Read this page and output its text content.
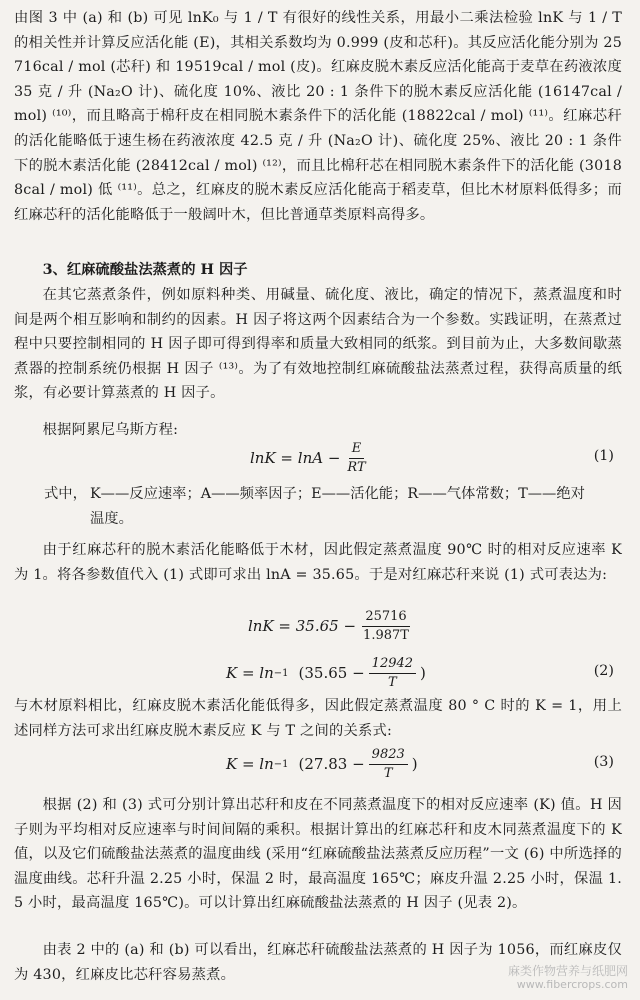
由图 3 中 (a) 和 (b) 可见 lnK₀ 与 1 / T 有很好的线性关系，用最小二乘法检验 lnK 与 1 / T 的相关性并计算反应活化能 (E)，其相关系数均为 0.999 (皮和芯秆)。其反应活化能分别为 25716cal / mol (芯秆) 和 19519cal / mol (皮)。红麻皮脱木素反应活化能高于麦草在药液浓度 35 克 / 升 (Na₂O 计)、硫化度 10%、液比 20 : 1 条件下的脱木素反应活化能 (16147cal / mol) ⁽¹⁰⁾，而且略高于棉秆皮在相同脱木素条件下的活化能 (18822cal / mol) ⁽¹¹⁾。红麻芯秆的活化能略低于速生杨在药液浓度 42.5 克 / 升 (Na₂O 计)、硫化度 25%、液比 20 : 1 条件下的脱木素活化能 (28412cal / mol) ⁽¹²⁾，而且比棉秆芯在相同脱木素条件下的活化能 (30188cal / mol) 低 ⁽¹¹⁾。总之，红麻皮的脱木素反应活化能高于稻麦草，但比木材原料低得多；而红麻芯秆的活化能略低于一般阔叶木，但比普通草类原料高得多。

3、红麻硫酸盐法蒸煮的 H 因子

在其它蒸煮条件，例如原料种类、用碱量、硫化度、液比，确定的情况下，蒸煮温度和时间是两个相互影响和制约的因素。H 因子将这两个因素结合为一个参数。实践证明，在蒸煮过程中只要控制相同的 H 因子即可得到得率和质量大致相同的纸浆。到目前为止，大多数间歇蒸煮器的控制系统仍根据 H 因子 ⁽¹³⁾。为了有效地控制红麻硫酸盐法蒸煮过程，获得高质量的纸浆，有必要计算蒸煮的 H 因子。

根据阿累尼乌斯方程:

$\ln K = \ln A - \frac{E}{RT}$	(1)
式中， K——反应速率；A——频率因子；E——活化能；R——气体常数；T——绝对
温度。

由于红麻芯秆的脱木素活化能略低于木材，因此假定蒸煮温度 90℃ 时的相对反应速率 K 为 1。将各参数值代入 (1) 式即可求出 lnA = 35.65。于是对红麻芯秆来说 (1) 式可表达为:

$\ln K = 35.65 - \frac{25716}{1.987T}$
K = ln −1 ($35.65 - \frac{12942}{T}$ )	(2)

与木材原料相比，红麻皮脱木素活化能低得多，因此假定蒸煮温度 80 ° C 时的 K = 1，用上述同样方法可求出红麻皮脱木素反应 K 与 T 之间的关系式:

K = ln −1 ($27.83 - \frac{9823}{T}$ )	(3)

根据 (2) 和 (3) 式可分别计算出芯秆和皮在不同蒸煮温度下的相对反应速率 (K) 值。H 因子则为平均相对反应速率与时间间隔的乘积。根据计算出的红麻芯秆和皮木同蒸煮温度下的 K 值，以及它们硫酸盐法蒸煮的温度曲线 (采用“红麻硫酸盐法蒸煮反应历程”一文 (6) 中所选择的温度曲线。芯秆升温 2.25 小时，保温 2 时，最高温度 165℃；麻皮升温 2.25 小时，保温 1.5 小时，最高温度 165℃)。可以计算出红麻硫酸盐法蒸煮的 H 因子 (见表 2)。

由表 2 中的 (a) 和 (b) 可以看出，红麻芯秆硫酸盐法蒸煮的 H 因子为 1056，而红麻皮仅为 430，红麻皮比芯秆容易蒸煮。	麻类作物营养与纸肥网
www.fibercrops.com
